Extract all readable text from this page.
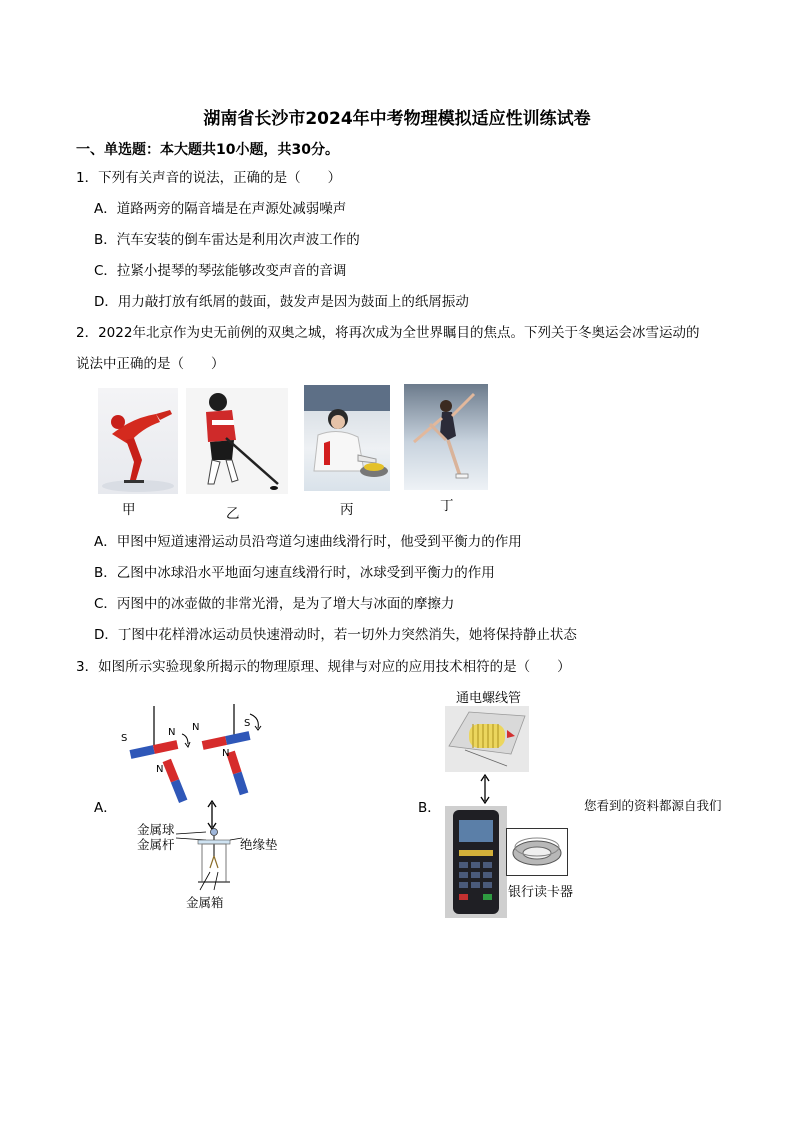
湖南省长沙市2024年中考物理模拟适应性训练试卷
一、单选题：本大题共10小题，共30分。
1．下列有关声音的说法，正确的是（　　）
A．道路两旁的隔音墙是在声源处减弱噪声
B．汽车安装的倒车雷达是利用次声波工作的
C．拉紧小提琴的琴弦能够改变声音的音调
D．用力敲打放有纸屑的鼓面，鼓发声是因为鼓面上的纸屑振动
2．2022年北京作为史无前例的双奥之城，将再次成为全世界瞩目的焦点。下列关于冬奥运会冰雪运动的
说法中正确的是（　　）
甲	乙	丙	丁
A．甲图中短道速滑运动员沿弯道匀速曲线滑行时，他受到平衡力的作用
B．乙图中冰球沿水平地面匀速直线滑行时，冰球受到平衡力的作用
C．丙图中的冰壶做的非常光滑，是为了增大与冰面的摩擦力
D．丁图中花样滑冰运动员快速滑动时，若一切外力突然消失，她将保持静止状态
3．如图所示实验现象所揭示的物理原理、规律与对应的应用技术相符的是（　　）
A．
S
N
N
N	S
N
金属球
金属杆	绝缘垫
金属箱
B．
通电螺线管
银行读卡器
您看到的资料都源自我们
